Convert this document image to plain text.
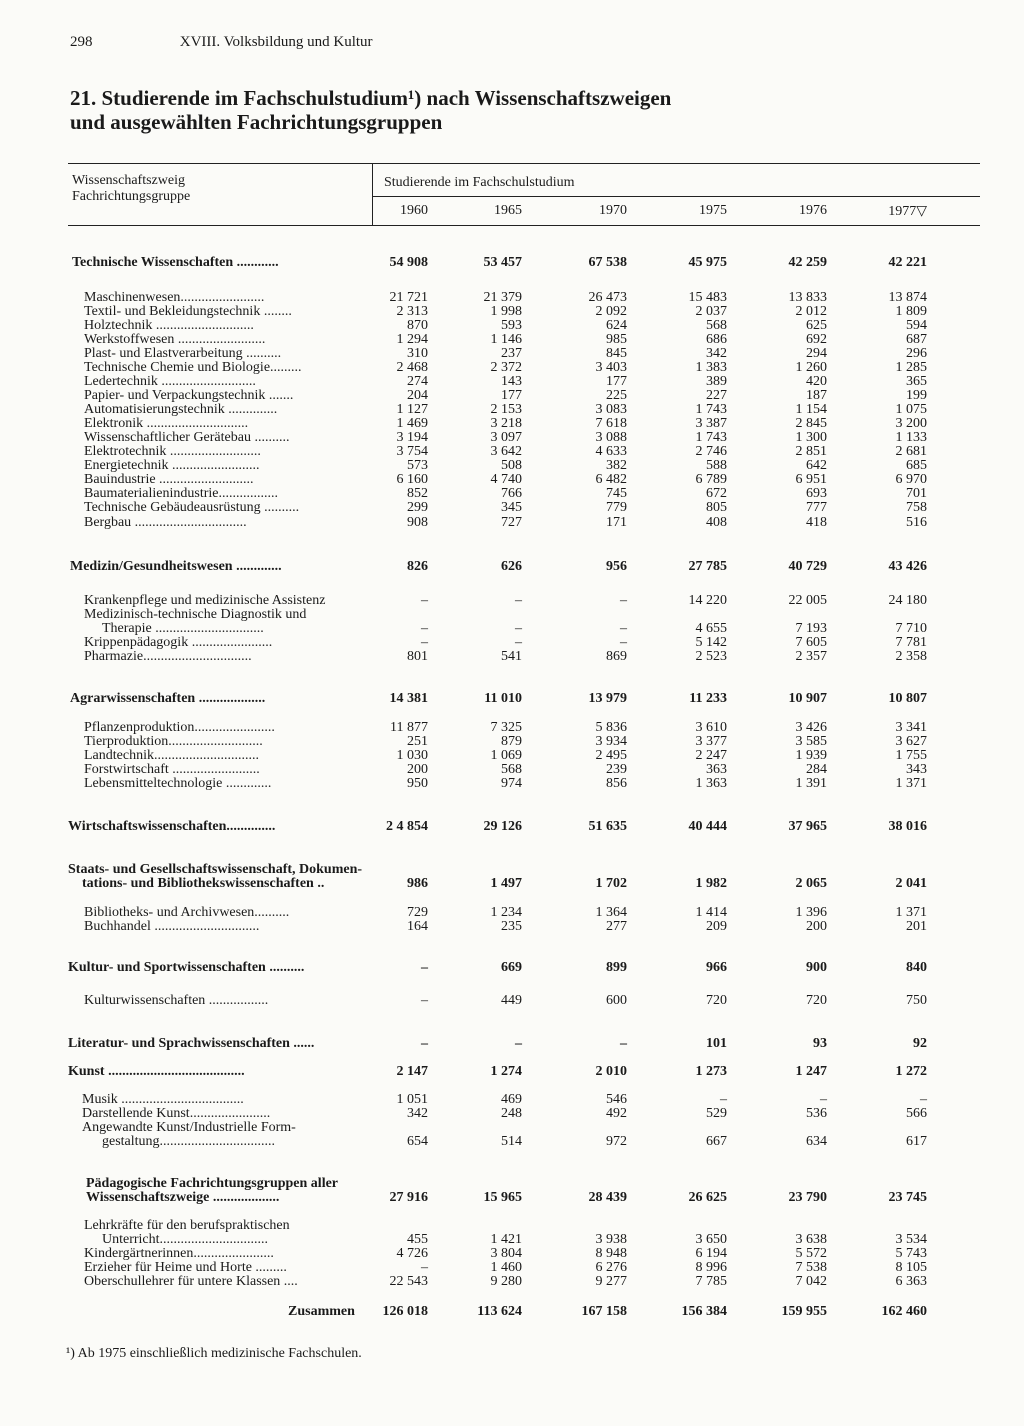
298	XVIII. Volksbildung und Kultur
21. Studierende im Fachschulstudium¹) nach Wissenschaftszweigen
und ausgewählten Fachrichtungsgruppen
Wissenschaftszweig
Fachrichtungsgruppe
Studierende im Fachschulstudium
1960	1965	1970	1975	1976	1977▽
Technische Wissenschaften ............	54 908	53 457	67 538	45 975	42 259	42 221
Maschinenwesen........................	21 721	21 379	26 473	15 483	13 833	13 874
Textil- und Bekleidungstechnik ........	2 313	1 998	2 092	2 037	2 012	1 809
Holztechnik ............................	870	593	624	568	625	594
Werkstoffwesen .........................	1 294	1 146	985	686	692	687
Plast- und Elastverarbeitung ..........	310	237	845	342	294	296
Technische Chemie und Biologie.........	2 468	2 372	3 403	1 383	1 260	1 285
Ledertechnik ...........................	274	143	177	389	420	365
Papier- und Verpackungstechnik .......	204	177	225	227	187	199
Automatisierungstechnik ..............	1 127	2 153	3 083	1 743	1 154	1 075
Elektronik .............................	1 469	3 218	7 618	3 387	2 845	3 200
Wissenschaftlicher Gerätebau ..........	3 194	3 097	3 088	1 743	1 300	1 133
Elektrotechnik ..........................	3 754	3 642	4 633	2 746	2 851	2 681
Energietechnik .........................	573	508	382	588	642	685
Bauindustrie ...........................	6 160	4 740	6 482	6 789	6 951	6 970
Baumaterialienindustrie.................	852	766	745	672	693	701
Technische Gebäudeausrüstung ..........	299	345	779	805	777	758
Bergbau ................................	908	727	171	408	418	516
Medizin/Gesundheitswesen .............	826	626	956	27 785	40 729	43 426
Krankenpflege und medizinische Assistenz	–	–	–	14 220	22 005	24 180
Medizinisch-technische Diagnostik und
Therapie ...............................	–	–	–	4 655	7 193	7 710
Krippenpädagogik .......................	–	–	–	5 142	7 605	7 781
Pharmazie...............................	801	541	869	2 523	2 357	2 358
Agrarwissenschaften ...................	14 381	11 010	13 979	11 233	10 907	10 807
Pflanzenproduktion.......................	11 877	7 325	5 836	3 610	3 426	3 341
Tierproduktion...........................	251	879	3 934	3 377	3 585	3 627
Landtechnik..............................	1 030	1 069	2 495	2 247	1 939	1 755
Forstwirtschaft .........................	200	568	239	363	284	343
Lebensmitteltechnologie .............	950	974	856	1 363	1 391	1 371
Wirtschaftswissenschaften..............	2 4 854	29 126	51 635	40 444	37 965	38 016
Staats- und Gesellschaftswissenschaft, Dokumen-
tations- und Bibliothekswissenschaften ..	986	1 497	1 702	1 982	2 065	2 041
Bibliotheks- und Archivwesen..........	729	1 234	1 364	1 414	1 396	1 371
Buchhandel ..............................	164	235	277	209	200	201
Kultur- und Sportwissenschaften ..........	–	669	899	966	900	840
Kulturwissenschaften .................	–	449	600	720	720	750
Literatur- und Sprachwissenschaften ......	–	–	–	101	93	92
Kunst .......................................	2 147	1 274	2 010	1 273	1 247	1 272
Musik ...................................	1 051	469	546	–	–	–
Darstellende Kunst.......................	342	248	492	529	536	566
Angewandte Kunst/Industrielle Form-
gestaltung.................................	654	514	972	667	634	617
Pädagogische Fachrichtungsgruppen aller
Wissenschaftszweige ...................	27 916	15 965	28 439	26 625	23 790	23 745
Lehrkräfte für den berufspraktischen
Unterricht...............................	455	1 421	3 938	3 650	3 638	3 534
Kindergärtnerinnen.......................	4 726	3 804	8 948	6 194	5 572	5 743
Erzieher für Heime und Horte .........	–	1 460	6 276	8 996	7 538	8 105
Oberschullehrer für untere Klassen ....	22 543	9 280	9 277	7 785	7 042	6 363
Zusammen	126 018	113 624	167 158	156 384	159 955	162 460
¹) Ab 1975 einschließlich medizinische Fachschulen.
